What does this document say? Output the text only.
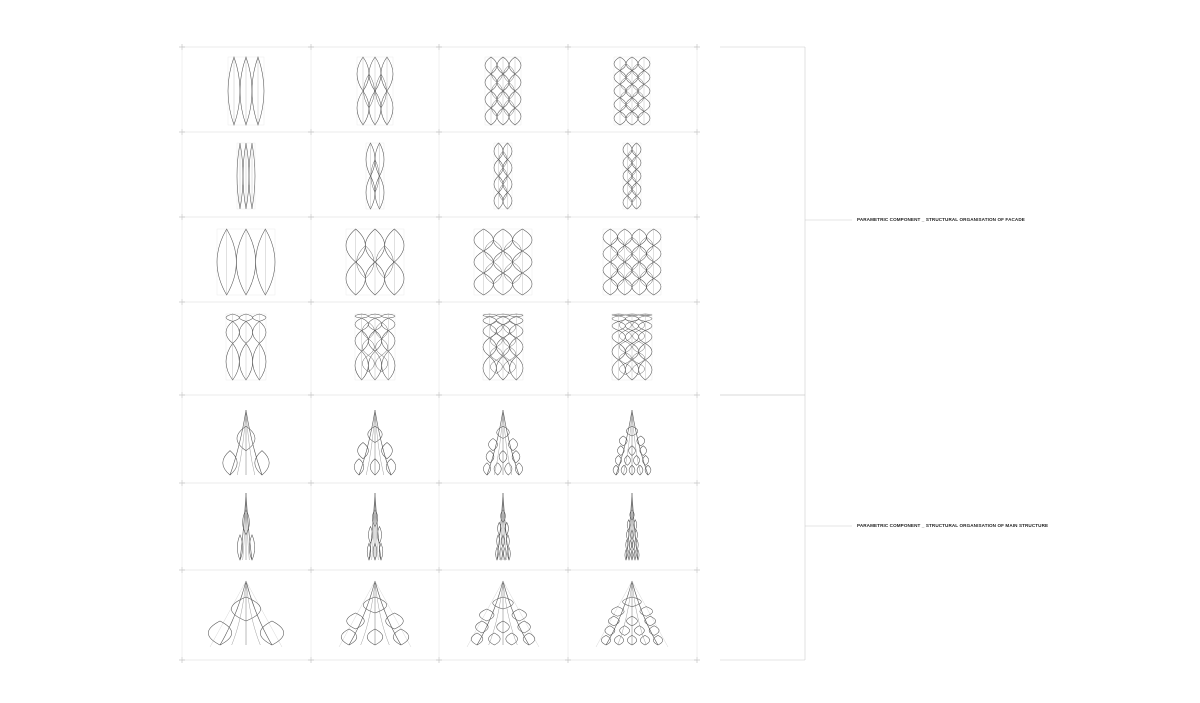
PARAMETRIC COMPONENT _ STRUCTURAL ORGANISATION OF FACADE
PARAMETRIC COMPONENT _ STRUCTURAL ORGANISATION OF MAIN STRUCTURE
